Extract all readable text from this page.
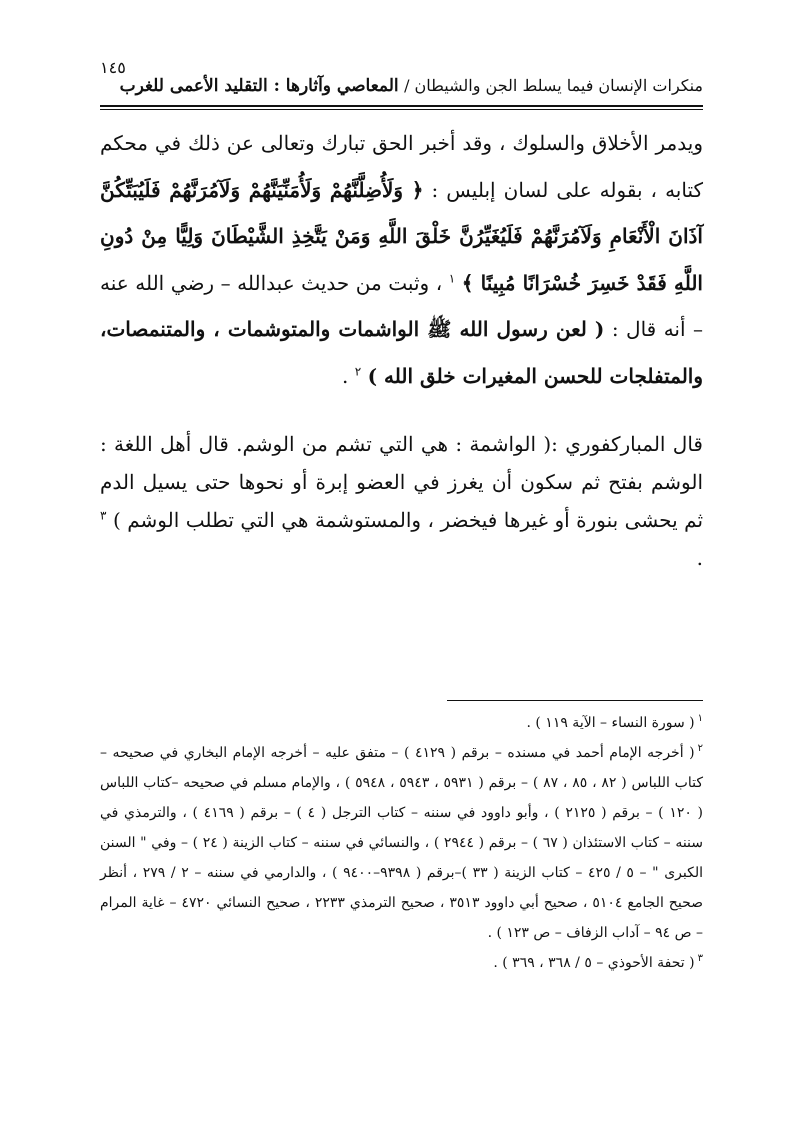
١٤٥
منكرات الإنسان فيما يسلط الجن والشيطان / المعاصي وآثارها : التقليد الأعمى للغرب

ويدمر الأخلاق والسلوك ، وقد أخبر الحق تبارك وتعالى عن ذلك في محكم كتابه ، بقوله على لسان إبليس : ﴿ وَلَأُضِلَّنَّهُمْ وَلَأُمَنِّيَنَّهُمْ وَلَآمُرَنَّهُمْ فَلَيُبَتِّكُنَّ آذَانَ الْأَنْعَامِ وَلَآمُرَنَّهُمْ فَلَيُغَيِّرُنَّ خَلْقَ اللَّهِ وَمَنْ يَتَّخِذِ الشَّيْطَانَ وَلِيًّا مِنْ دُونِ اللَّهِ فَقَدْ خَسِرَ خُسْرَانًا مُبِينًا ﴾ $^١$ ، وثبت من حديث عبدالله – رضي الله عنه – أنه قال : ( لعن رسول الله ﷺ الواشمات والمتوشمات ، والمتنمصات، والمتفلجات للحسن المغيرات خلق الله ) $^٢$ .

قال المباركفوري :( الواشمة : هي التي تشم من الوشم. قال أهل اللغة : الوشم بفتح ثم سكون أن يغرز في العضو إبرة أو نحوها حتى يسيل الدم ثم يحشى بنورة أو غيرها فيخضر ، والمستوشمة هي التي تطلب الوشم ) $^٣$ .

$^١$( سورة النساء – الآية ١١٩ ) .

$^٢$( أخرجه الإمام أحمد في مسنده – برقم ( ٤١٢٩ ) – متفق عليه – أخرجه الإمام البخاري في صحيحه – كتاب اللباس ( ٨٢ ، ٨٥ ، ٨٧ ) – برقم ( ٥٩٣١ ، ٥٩٤٣ ، ٥٩٤٨ ) ، والإمام مسلم في صحيحه –كتاب اللباس ( ١٢٠ ) – برقم ( ٢١٢٥ ) ، وأبو داوود في سننه – كتاب الترجل ( ٤ ) – برقم ( ٤١٦٩ ) ، والترمذي في سننه – كتاب الاستئذان ( ٦٧ ) – برقم ( ٢٩٤٤ ) ، والنسائي في سننه – كتاب الزينة ( ٢٤ ) – وفي " السنن الكبرى " – ٥ / ٤٢٥ – كتاب الزينة ( ٣٣ )–برقم ( ٩٣٩٨–٩٤٠٠ ) ، والدارمي في سننه – ٢ / ٢٧٩ ، أنظر صحيح الجامع ٥١٠٤ ، صحيح أبي داوود ٣٥١٣ ، صحيح الترمذي ٢٢٣٣ ، صحيح النسائي ٤٧٢٠ – غاية المرام – ص ٩٤ – آداب الزفاف – ص ١٢٣ ) .

$^٣$( تحفة الأحوذي – ٥ / ٣٦٨ ، ٣٦٩ ) .
